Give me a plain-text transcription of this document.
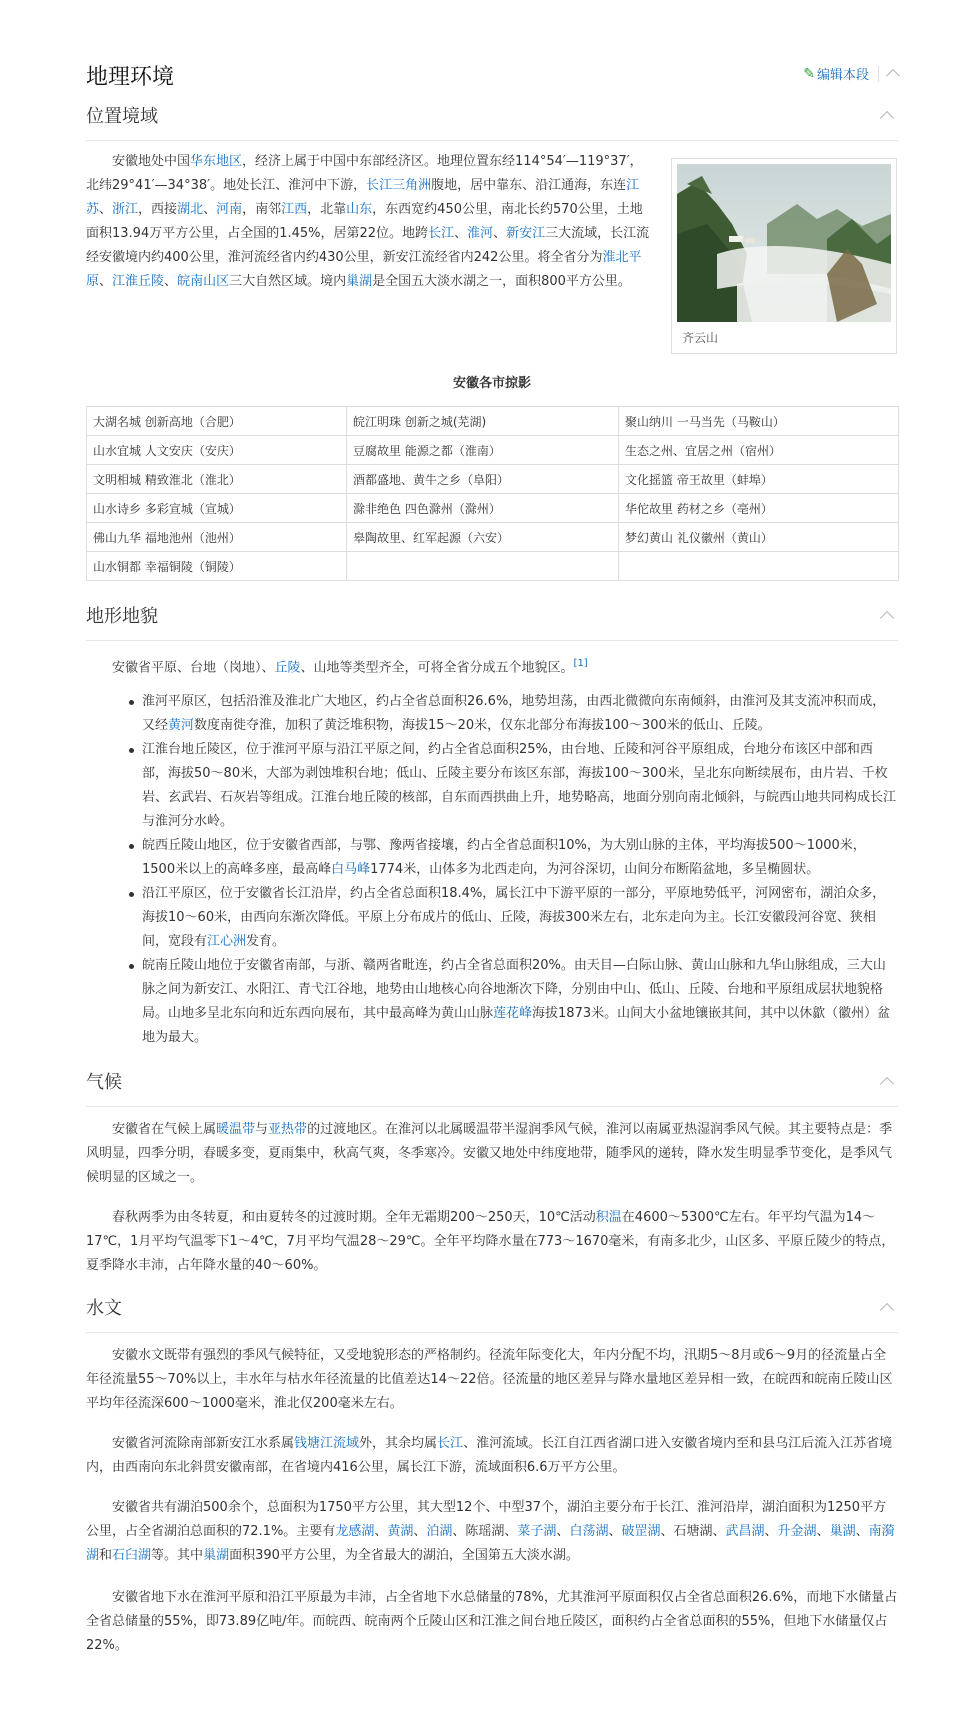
地理环境	✎ 编辑本段
位置境域

安徽地处中国华东地区，经济上属于中国中东部经济区。地理位置东经114°54′—119°37′，北纬29°41′—34°38′。地处长江、淮河中下游，长江三角洲腹地，居中靠东、沿江通海，东连江苏、浙江，西接湖北、河南，南邻江西，北靠山东，东西宽约450公里，南北长约570公里，土地面积13.94万平方公里，占全国的1.45%，居第22位。地跨长江、淮河、新安江三大流域，长江流经安徽境内约400公里，淮河流经省内约430公里，新安江流经省内242公里。将全省分为淮北平原、江淮丘陵、皖南山区三大自然区域。境内巢湖是全国五大淡水湖之一，面积800平方公里。

齐云山
安徽各市掠影
大湖名城 创新高地（合肥）	皖江明珠 创新之城(芜湖)	聚山纳川 一马当先（马鞍山）
山水宜城 人文安庆（安庆）	豆腐故里 能源之都（淮南）	生态之州、宜居之州（宿州）
文明相城 精致淮北（淮北）	酒都盛地、黄牛之乡（阜阳）	文化摇篮 帝王故里（蚌埠）
山水诗乡 多彩宣城（宣城）	滁非绝色 四色滁州（滁州）	华佗故里 药材之乡（亳州）
佛山九华 福地池州（池州）	皋陶故里、红军起源（六安）	梦幻黄山 礼仪徽州（黄山）
山水铜都 幸福铜陵（铜陵）		
地形地貌

安徽省平原、台地（岗地）、丘陵、山地等类型齐全，可将全省分成五个地貌区。[1]

淮河平原区，包括沿淮及淮北广大地区，约占全省总面积26.6%，地势坦荡，由西北微微向东南倾斜，由淮河及其支流冲积而成，又经黄河数度南徙夺淮，加积了黄泛堆积物，海拔15～20米，仅东北部分布海拔100～300米的低山、丘陵。
江淮台地丘陵区，位于淮河平原与沿江平原之间，约占全省总面积25%，由台地、丘陵和河谷平原组成，台地分布该区中部和西部，海拔50～80米，大部为剥蚀堆积台地；低山、丘陵主要分布该区东部，海拔100～300米，呈北东向断续展布，由片岩、千枚岩、玄武岩、石灰岩等组成。江淮台地丘陵的核部，自东而西拱曲上升，地势略高，地面分别向南北倾斜，与皖西山地共同构成长江与淮河分水岭。
皖西丘陵山地区，位于安徽省西部，与鄂、豫两省接壤，约占全省总面积10%，为大别山脉的主体，平均海拔500～1000米，1500米以上的高峰多座，最高峰白马峰1774米，山体多为北西走向，为河谷深切，山间分布断陷盆地，多呈椭圆状。
沿江平原区，位于安徽省长江沿岸，约占全省总面积18.4%，属长江中下游平原的一部分，平原地势低平，河网密布，湖泊众多，海拔10～60米，由西向东渐次降低。平原上分布成片的低山、丘陵，海拔300米左右，北东走向为主。长江安徽段河谷宽、狭相间，宽段有江心洲发育。
皖南丘陵山地位于安徽省南部，与浙、赣两省毗连，约占全省总面积20%。由天目—白际山脉、黄山山脉和九华山脉组成，三大山脉之间为新安江、水阳江、青弋江谷地，地势由山地核心向谷地渐次下降，分别由中山、低山、丘陵、台地和平原组成层状地貌格局。山地多呈北东向和近东西向展布，其中最高峰为黄山山脉莲花峰海拔1873米。山间大小盆地镶嵌其间，其中以休歙（徽州）盆地为最大。
气候

安徽省在气候上属暖温带与亚热带的过渡地区。在淮河以北属暖温带半湿润季风气候，淮河以南属亚热湿润季风气候。其主要特点是：季风明显，四季分明，春暖多变，夏雨集中，秋高气爽，冬季寒冷。安徽又地处中纬度地带，随季风的递转，降水发生明显季节变化，是季风气候明显的区域之一。

春秋两季为由冬转夏，和由夏转冬的过渡时期。全年无霜期200～250天，10℃活动积温在4600～5300℃左右。年平均气温为14～17℃，1月平均气温零下1～4℃，7月平均气温28～29℃。全年平均降水量在773～1670毫米，有南多北少，山区多、平原丘陵少的特点，夏季降水丰沛，占年降水量的40～60%。

水文

安徽水文既带有强烈的季风气候特征，又受地貌形态的严格制约。径流年际变化大，年内分配不均，汛期5～8月或6～9月的径流量占全年径流量55～70%以上，丰水年与枯水年径流量的比值差达14～22倍。径流量的地区差异与降水量地区差异相一致，在皖西和皖南丘陵山区平均年径流深600～1000毫米，淮北仅200毫米左右。

安徽省河流除南部新安江水系属钱塘江流域外，其余均属长江、淮河流域。长江自江西省湖口进入安徽省境内至和县乌江后流入江苏省境内，由西南向东北斜贯安徽南部，在省境内416公里，属长江下游，流域面积6.6万平方公里。

安徽省共有湖泊500余个，总面积为1750平方公里，其大型12个、中型37个，湖泊主要分布于长江、淮河沿岸，湖泊面积为1250平方公里，占全省湖泊总面积的72.1%。主要有龙感湖、黄湖、泊湖、陈瑶湖、菜子湖、白荡湖、破罡湖、石塘湖、武昌湖、升金湖、巢湖、南漪湖和石臼湖等。其中巢湖面积390平方公里，为全省最大的湖泊，全国第五大淡水湖。

安徽省地下水在淮河平原和沿江平原最为丰沛，占全省地下水总储量的78%，尤其淮河平原面积仅占全省总面积26.6%，而地下水储量占全省总储量的55%，即73.89亿吨/年。而皖西、皖南两个丘陵山区和江淮之间台地丘陵区，面积约占全省总面积的55%，但地下水储量仅占22%。
